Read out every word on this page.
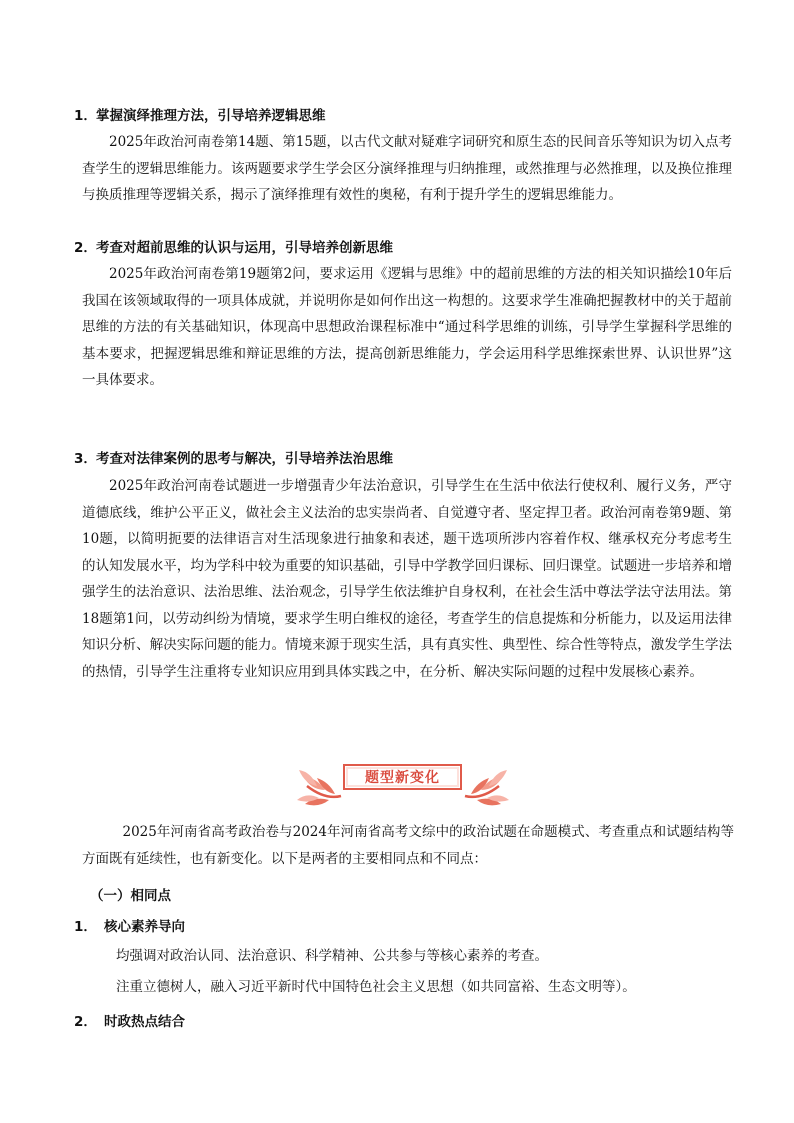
1．掌握演绎推理方法，引导培养逻辑思维

2025年政治河南卷第14题、第15题，以古代文献对疑难字词研究和原生态的民间音乐等知识为切入点考查学生的逻辑思维能力。该两题要求学生学会区分演绎推理与归纳推理，或然推理与必然推理，以及换位推理与换质推理等逻辑关系，揭示了演绎推理有效性的奥秘，有利于提升学生的逻辑思维能力。

2．考查对超前思维的认识与运用，引导培养创新思维

2025年政治河南卷第19题第2问，要求运用《逻辑与思维》中的超前思维的方法的相关知识描绘10年后我国在该领域取得的一项具体成就，并说明你是如何作出这一构想的。这要求学生准确把握教材中的关于超前思维的方法的有关基础知识，体现高中思想政治课程标准中“通过科学思维的训练，引导学生掌握科学思维的基本要求，把握逻辑思维和辩证思维的方法，提高创新思维能力，学会运用科学思维探索世界、认识世界”这一具体要求。

3．考查对法律案例的思考与解决，引导培养法治思维

2025年政治河南卷试题进一步增强青少年法治意识，引导学生在生活中依法行使权利、履行义务，严守道德底线，维护公平正义，做社会主义法治的忠实崇尚者、自觉遵守者、坚定捍卫者。政治河南卷第9题、第10题，以简明扼要的法律语言对生活现象进行抽象和表述，题干选项所涉内容着作权、继承权充分考虑考生的认知发展水平，均为学科中较为重要的知识基础，引导中学教学回归课标、回归课堂。试题进一步培养和增强学生的法治意识、法治思维、法治观念，引导学生依法维护自身权利，在社会生活中尊法学法守法用法。第18题第1问，以劳动纠纷为情境，要求学生明白维权的途径，考查学生的信息提炼和分析能力，以及运用法律知识分析、解决实际问题的能力。情境来源于现实生活，具有真实性、典型性、综合性等特点，激发学生学法的热情，引导学生注重将专业知识应用到具体实践之中，在分析、解决实际问题的过程中发展核心素养。

题型新变化

2025年河南省高考政治卷与2024年河南省高考文综中的政治试题在命题模式、考查重点和试题结构等方面既有延续性，也有新变化。以下是两者的主要相同点和不同点：

（一）相同点
1． 核心素养导向
均强调对政治认同、法治意识、科学精神、公共参与等核心素养的考查。
注重立德树人，融入习近平新时代中国特色社会主义思想（如共同富裕、生态文明等）。
2． 时政热点结合
